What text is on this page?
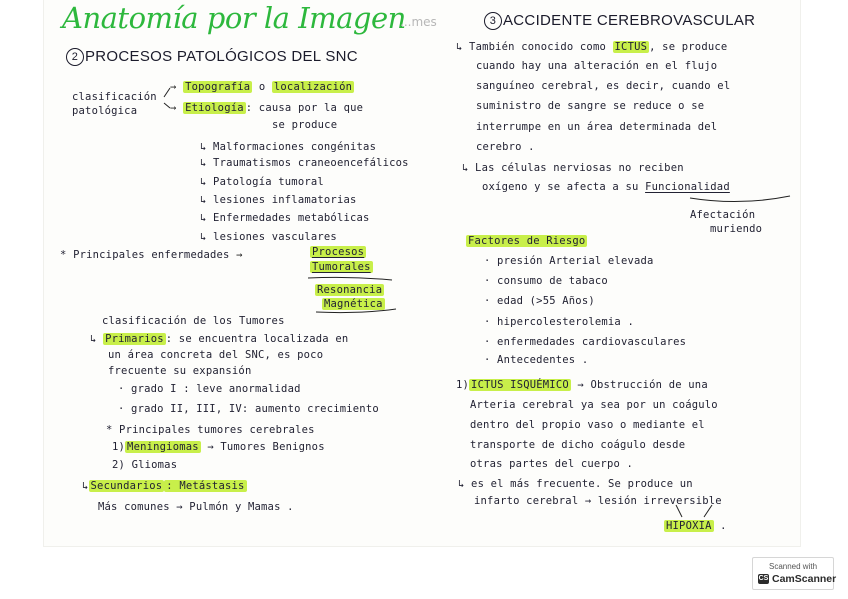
Anatomía por la Imagen
...mes
2 PROCESOS PATOLÓGICOS DEL SNC
3 ACCIDENTE CEREBROVASCULAR
clasificación
patológica
→ Topografía o localización
→ Etiología : causa por la que
se produce
↳ Malformaciones congénitas
↳ Traumatismos craneoencefálicos
↳ Patología tumoral
↳ lesiones inflamatorias
↳ Enfermedades metabólicas
↳ lesiones vasculares
* Principales enfermedades →	Procesos
Tumorales
Resonancia
Magnética
clasificación de los Tumores
↳ Primarios : se encuentra localizada en
un área concreta del SNC, es poco
frecuente su expansión
· grado I : leve anormalidad
· grado II, III, IV: aumento crecimiento
* Principales tumores cerebrales
1) Meningiomas → Tumores Benignos
2) Gliomas
↳ Secundarios : Metástasis
Más comunes → Pulmón y Mamas .
↳ También conocido como ICTUS , se produce
cuando hay una alteración en el flujo
sanguíneo cerebral, es decir, cuando el
suministro de sangre se reduce o se
interrumpe en un área determinada del
cerebro .
↳ Las células nerviosas no reciben
oxígeno y se afecta a su Funcionalidad
Afectación
muriendo
Factores de Riesgo
· presión Arterial elevada
· consumo de tabaco
· edad (>55 Años)
· hipercolesterolemia .
· enfermedades cardiovasculares
· Antecedentes .
1) ICTUS ISQUÉMICO → Obstrucción de una
Arteria cerebral ya sea por un coágulo
dentro del propio vaso o mediante el
transporte de dicho coágulo desde
otras partes del cuerpo .
↳ es el más frecuente. Se produce un
infarto cerebral → lesión irreversible
HIPOXIA .
Scanned with
CS CamScanner
